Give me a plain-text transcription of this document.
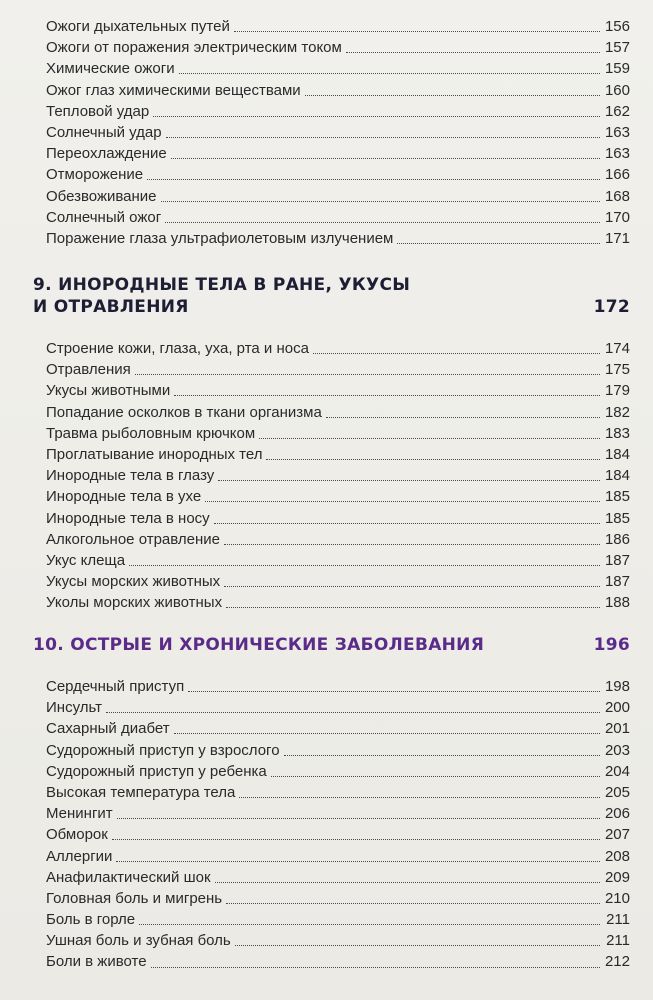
Ожоги дыхательных путей	156
Ожоги от поражения электрическим током	157
Химические ожоги	159
Ожог глаз химическими веществами	160
Тепловой удар	162
Солнечный удар	163
Переохлаждение	163
Отморожение	166
Обезвоживание	168
Солнечный ожог	170
Поражение глаза ультрафиолетовым излучением	171
9. ИНОРОДНЫЕ ТЕЛА В РАНЕ, УКУСЫ
И ОТРАВЛЕНИЯ	172
Строение кожи, глаза, уха, рта и носа	174
Отравления	175
Укусы животными	179
Попадание осколков в ткани организма	182
Травма рыболовным крючком	183
Проглатывание инородных тел	184
Инородные тела в глазу	184
Инородные тела в ухе	185
Инородные тела в носу	185
Алкогольное отравление	186
Укус клеща	187
Укусы морских животных	187
Уколы морских животных	188
10. ОСТРЫЕ И ХРОНИЧЕСКИЕ ЗАБОЛЕВАНИЯ	196
Сердечный приступ	198
Инсульт	200
Сахарный диабет	201
Судорожный приступ у взрослого	203
Судорожный приступ у ребенка	204
Высокая температура тела	205
Менингит	206
Обморок	207
Аллергии	208
Анафилактический шок	209
Головная боль и мигрень	210
Боль в горле	211
Ушная боль и зубная боль	211
Боли в животе	212
